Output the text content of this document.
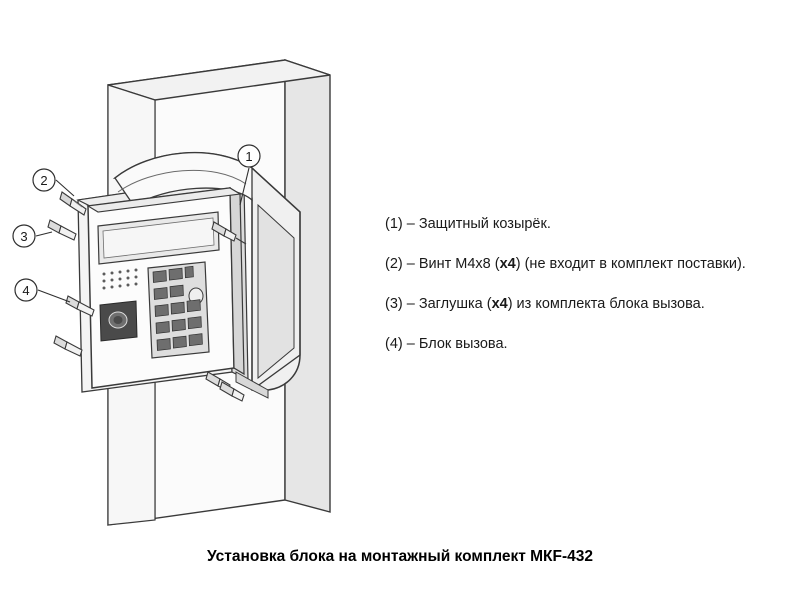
1
2
3
4
(1) – Защитный козырёк.
(2) – Винт М4х8 (х4) (не входит в комплект поставки).
(3) – Заглушка (х4) из комплекта блока вызова.
(4) – Блок вызова.
Установка блока на монтажный комплект МКF-432
